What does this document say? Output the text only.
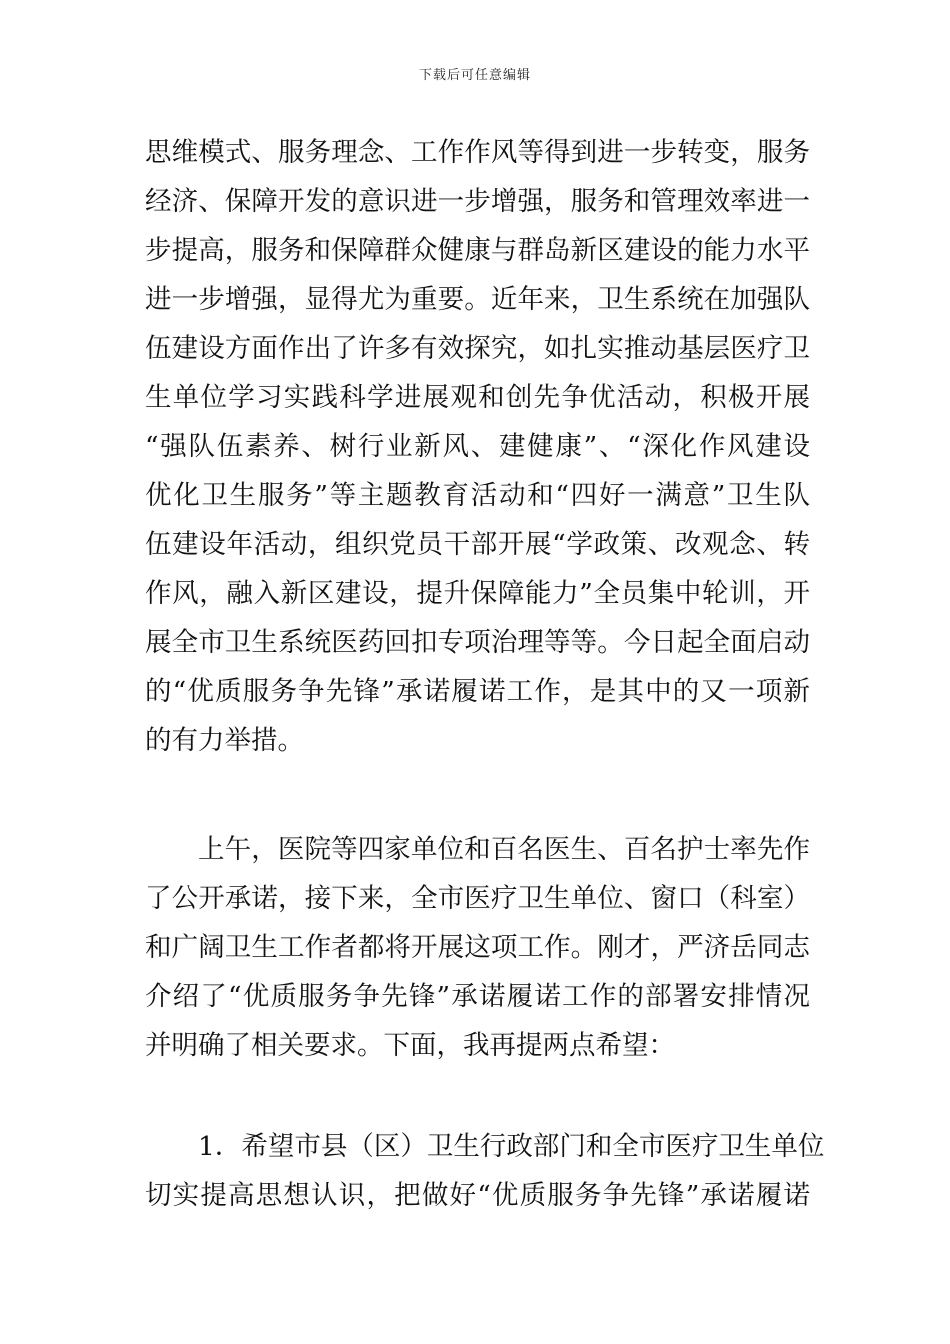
下载后可任意编辑
思维模式、服务理念、工作作风等得到进一步转变，服务
经济、保障开发的意识进一步增强，服务和管理效率进一
步提高，服务和保障群众健康与群岛新区建设的能力水平
进一步增强，显得尤为重要。近年来，卫生系统在加强队
伍建设方面作出了许多有效探究，如扎实推动基层医疗卫
生单位学习实践科学进展观和创先争优活动，积极开展
“强队伍素养、树行业新风、建健康”、“深化作风建设
优化卫生服务”等主题教育活动和“四好一满意”卫生队
伍建设年活动，组织党员干部开展“学政策、改观念、转
作风，融入新区建设，提升保障能力”全员集中轮训，开
展全市卫生系统医药回扣专项治理等等。今日起全面启动
的“优质服务争先锋”承诺履诺工作，是其中的又一项新
的有力举措。
上午，医院等四家单位和百名医生、百名护士率先作
了公开承诺，接下来，全市医疗卫生单位、窗口（科室）
和广阔卫生工作者都将开展这项工作。刚才，严济岳同志
介绍了“优质服务争先锋”承诺履诺工作的部署安排情况
并明确了相关要求。下面，我再提两点希望：
1．希望市县（区）卫生行政部门和全市医疗卫生单位
切实提高思想认识，把做好“优质服务争先锋”承诺履诺
